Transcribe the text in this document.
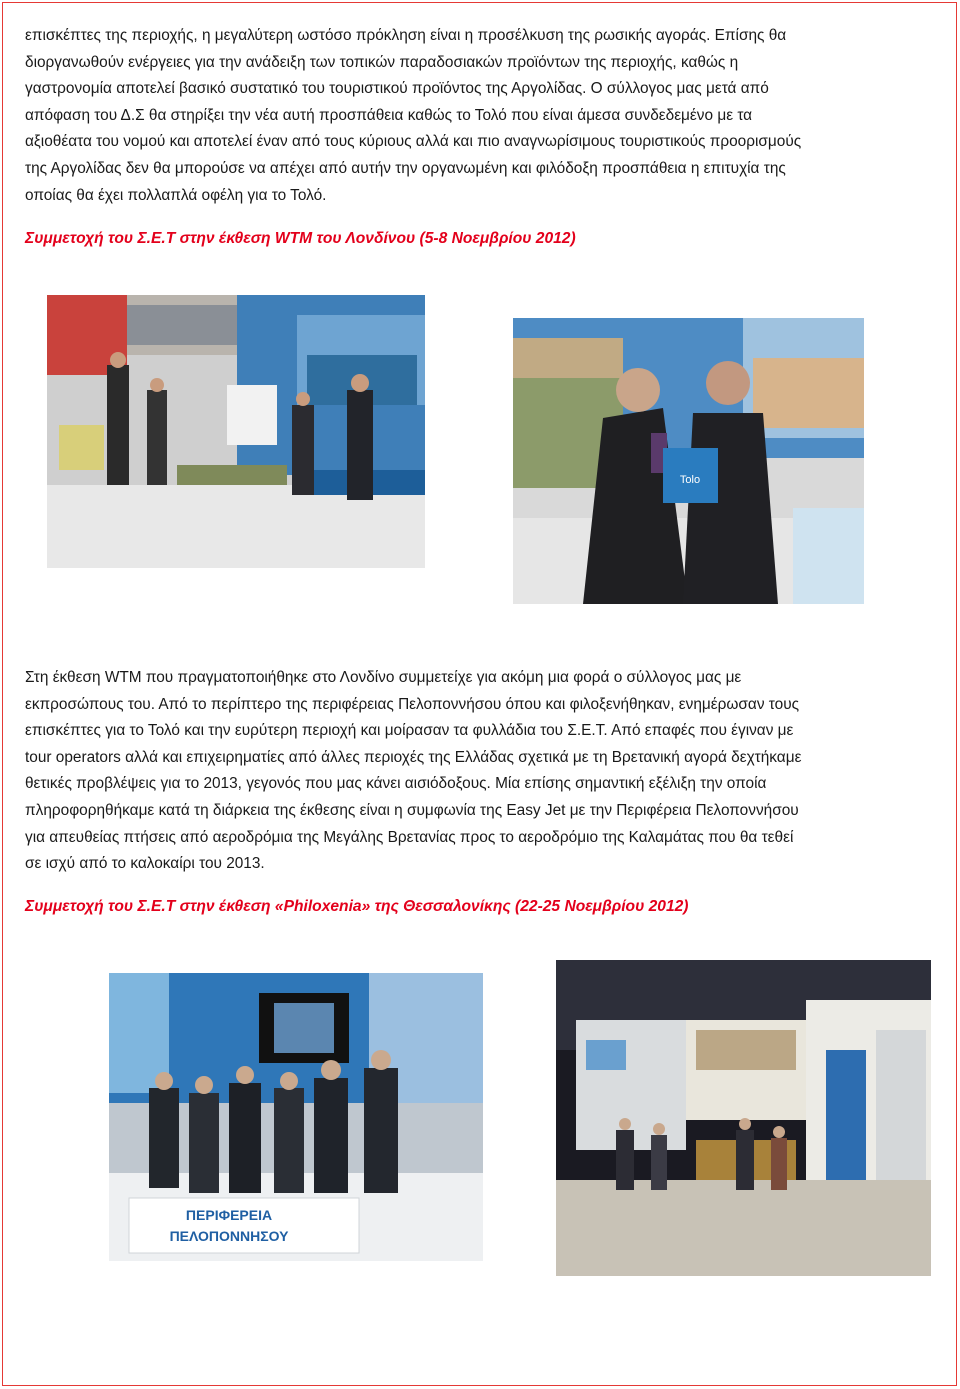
επισκέπτες της περιοχής, η μεγαλύτερη ωστόσο πρόκληση είναι η προσέλκυση της ρωσικής αγοράς. Επίσης θα
διοργανωθούν ενέργειες για την ανάδειξη των τοπικών παραδοσιακών προϊόντων της περιοχής, καθώς η
γαστρονομία αποτελεί βασικό συστατικό του τουριστικού προϊόντος της Αργολίδας. Ο σύλλογος μας μετά από
απόφαση του Δ.Σ θα στηρίξει την νέα αυτή προσπάθεια καθώς το Τολό που είναι άμεσα συνδεδεμένο με τα
αξιοθέατα του νομού και αποτελεί έναν από τους κύριους αλλά και πιο αναγνωρίσιμους τουριστικούς προορισμούς
της Αργολίδας δεν θα μπορούσε να απέχει από αυτήν την οργανωμένη και φιλόδοξη προσπάθεια η επιτυχία της
οποίας θα έχει πολλαπλά οφέλη για το Τολό.

Συμμετοχή του Σ.Ε.Τ στην έκθεση WTM του Λονδίνου (5-8 Νοεμβρίου 2012)
Tolo

Στη έκθεση WTM που πραγματοποιήθηκε στο Λονδίνο συμμετείχε για ακόμη μια φορά ο σύλλογος μας με
εκπροσώπους του. Από το περίπτερο της περιφέρειας Πελοποννήσου όπου και φιλοξενήθηκαν, ενημέρωσαν τους
επισκέπτες για το Τολό και την ευρύτερη περιοχή και μοίρασαν τα φυλλάδια του Σ.Ε.Τ. Από επαφές που έγιναν με
tour operators αλλά και επιχειρηματίες από άλλες περιοχές της Ελλάδας σχετικά με τη Βρετανική αγορά δεχτήκαμε
θετικές προβλέψεις για το 2013, γεγονός που μας κάνει αισιόδοξους. Μία επίσης σημαντική εξέλιξη την οποία
πληροφορηθήκαμε κατά τη διάρκεια της έκθεσης είναι η συμφωνία της Easy Jet με την Περιφέρεια Πελοποννήσου
για απευθείας πτήσεις από αεροδρόμια της Μεγάλης Βρετανίας προς το αεροδρόμιο της Καλαμάτας που θα τεθεί
σε ισχύ από το καλοκαίρι του 2013.

Συμμετοχή του Σ.Ε.Τ στην έκθεση «Philoxenia» της Θεσσαλονίκης (22-25 Νοεμβρίου 2012)
ΠΕΡΙΦΕΡΕΙΑ
ΠΕΛΟΠΟΝΝΗΣΟΥ
